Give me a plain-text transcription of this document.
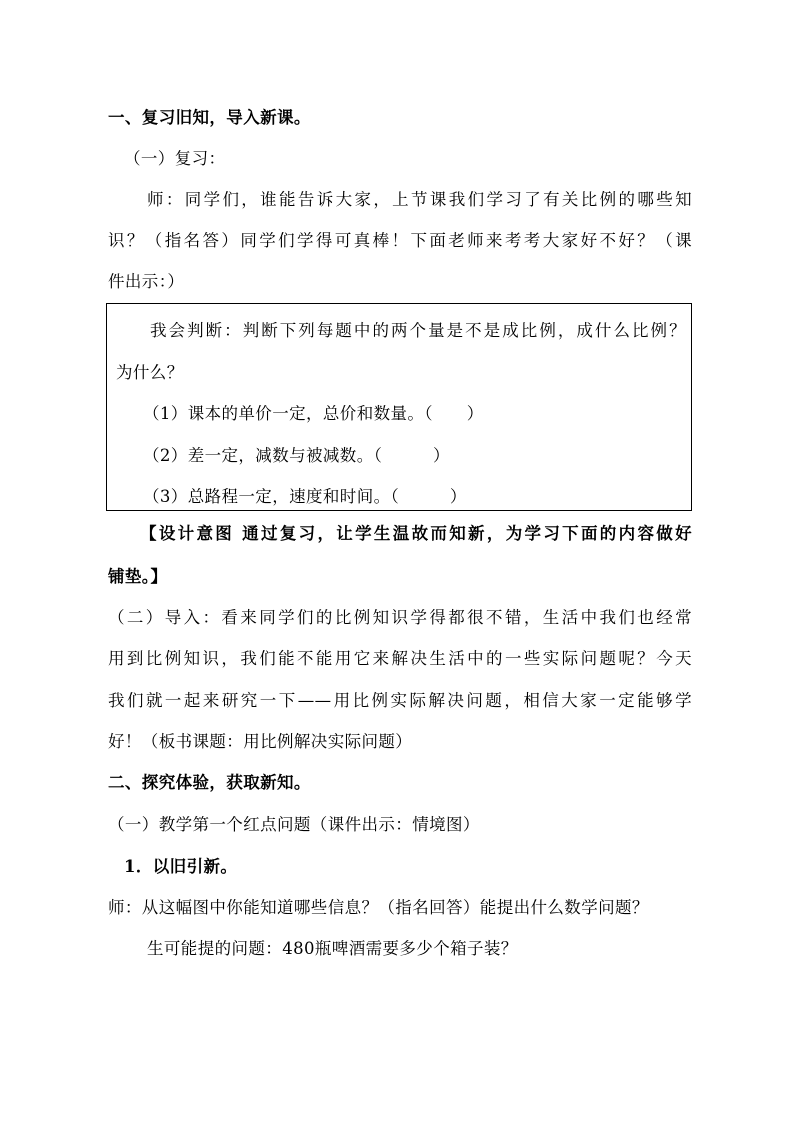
一、复习旧知，导入新课。
（一）复习：
师：同学们，谁能告诉大家，上节课我们学习了有关比例的哪些知
识？（指名答）同学们学得可真棒！下面老师来考考大家好不好？（课
件出示：）
我会判断：判断下列每题中的两个量是不是成比例，成什么比例？
为什么？
（1）课本的单价一定，总价和数量。（　　）
（2）差一定，减数与被减数。（　　　）
（3）总路程一定，速度和时间。（　　　）
【设计意图 通过复习，让学生温故而知新，为学习下面的内容做好
铺垫。】
（二）导入：看来同学们的比例知识学得都很不错，生活中我们也经常
用到比例知识，我们能不能用它来解决生活中的一些实际问题呢？今天
我们就一起来研究一下——用比例实际解决问题，相信大家一定能够学
好！（板书课题：用比例解决实际问题）
二、探究体验，获取新知。
（一）教学第一个红点问题（课件出示：情境图）
1．以旧引新。
师：从这幅图中你能知道哪些信息？（指名回答）能提出什么数学问题？
生可能提的问题：480瓶啤酒需要多少个箱子装？
